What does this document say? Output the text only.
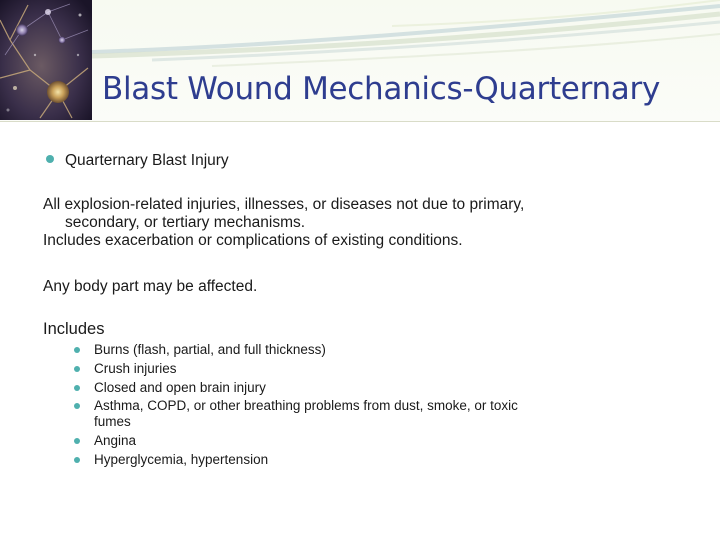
Blast Wound Mechanics-Quarternary
Quarternary Blast Injury
All explosion-related injuries, illnesses, or diseases not due to primary,
secondary, or tertiary mechanisms.
Includes exacerbation or complications of existing conditions.
Any body part may be affected.
Includes
Burns (flash, partial, and full thickness)
Crush injuries
Closed and open brain injury
Asthma, COPD, or other breathing problems from dust, smoke, or toxic
fumes
Angina
Hyperglycemia, hypertension
